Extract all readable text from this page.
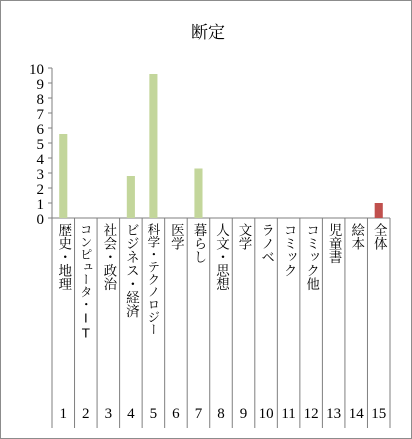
断定
0
1
2
3
4
5
6
7
8
9
10
歴史・地理 コンピュータ・IT 社会・政治 ビジネス・経済 科学・テクノロジー 医学 暮らし 人文・思想 文学 ラノベ コミック コミック他 児童書 絵本 全体
1 2 3 4 5 6 7 8 9 10 11 12 13 14 15
